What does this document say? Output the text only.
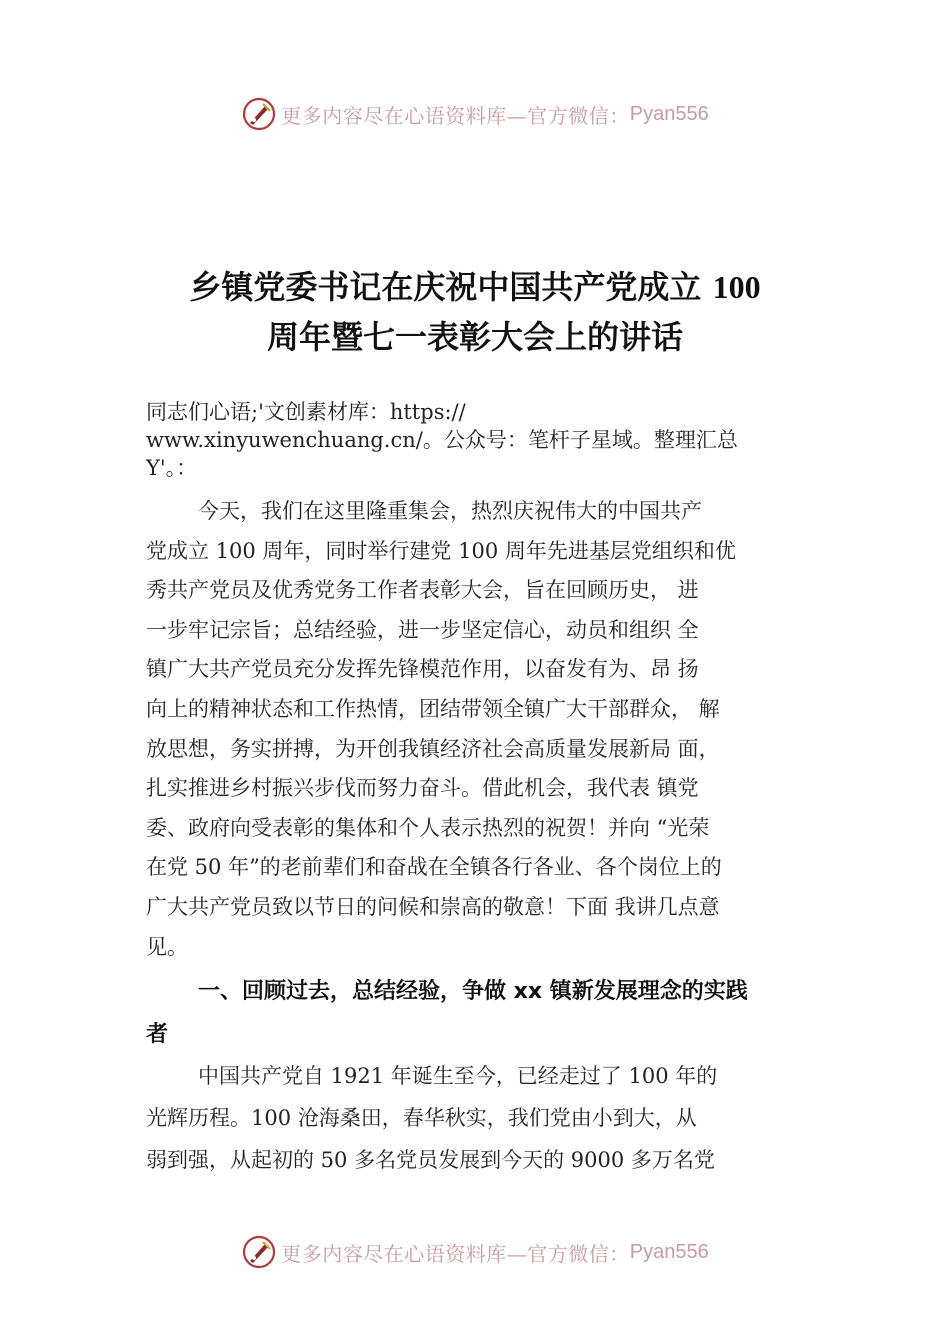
更多内容尽在心语资料库—官方微信： Pyan556
乡镇党委书记在庆祝中国共产党成立 100
周年暨七一表彰大会上的讲话
同志们心语;'文创素材库：https://
www.xinyuwenchuang.cn/。公众号：笔杆子星域。整理汇总
Y'。：
今天，我们在这里隆重集会，热烈庆祝伟大的中国共产
党成立 100 周年，同时举行建党 100 周年先进基层党组织和优
秀共产党员及优秀党务工作者表彰大会，旨在回顾历史， 进
一步牢记宗旨；总结经验，进一步坚定信心，动员和组织 全
镇广大共产党员充分发挥先锋模范作用，以奋发有为、昂 扬
向上的精神状态和工作热情，团结带领全镇广大干部群众， 解
放思想，务实拼搏，为开创我镇经济社会高质量发展新局 面，
扎实推进乡村振兴步伐而努力奋斗。借此机会，我代表 镇党
委、政府向受表彰的集体和个人表示热烈的祝贺！并向 “光荣
在党 50 年”的老前辈们和奋战在全镇各行各业、各个岗位上的
广大共产党员致以节日的问候和崇高的敬意！下面 我讲几点意
见。
一、回顾过去，总结经验，争做 xx 镇新发展理念的实践
者
中国共产党自 1921 年诞生至今，已经走过了 100 年的
光辉历程。100 沧海桑田，春华秋实，我们党由小到大，从
弱到强，从起初的 50 多名党员发展到今天的 9000 多万名党
更多内容尽在心语资料库—官方微信： Pyan556
